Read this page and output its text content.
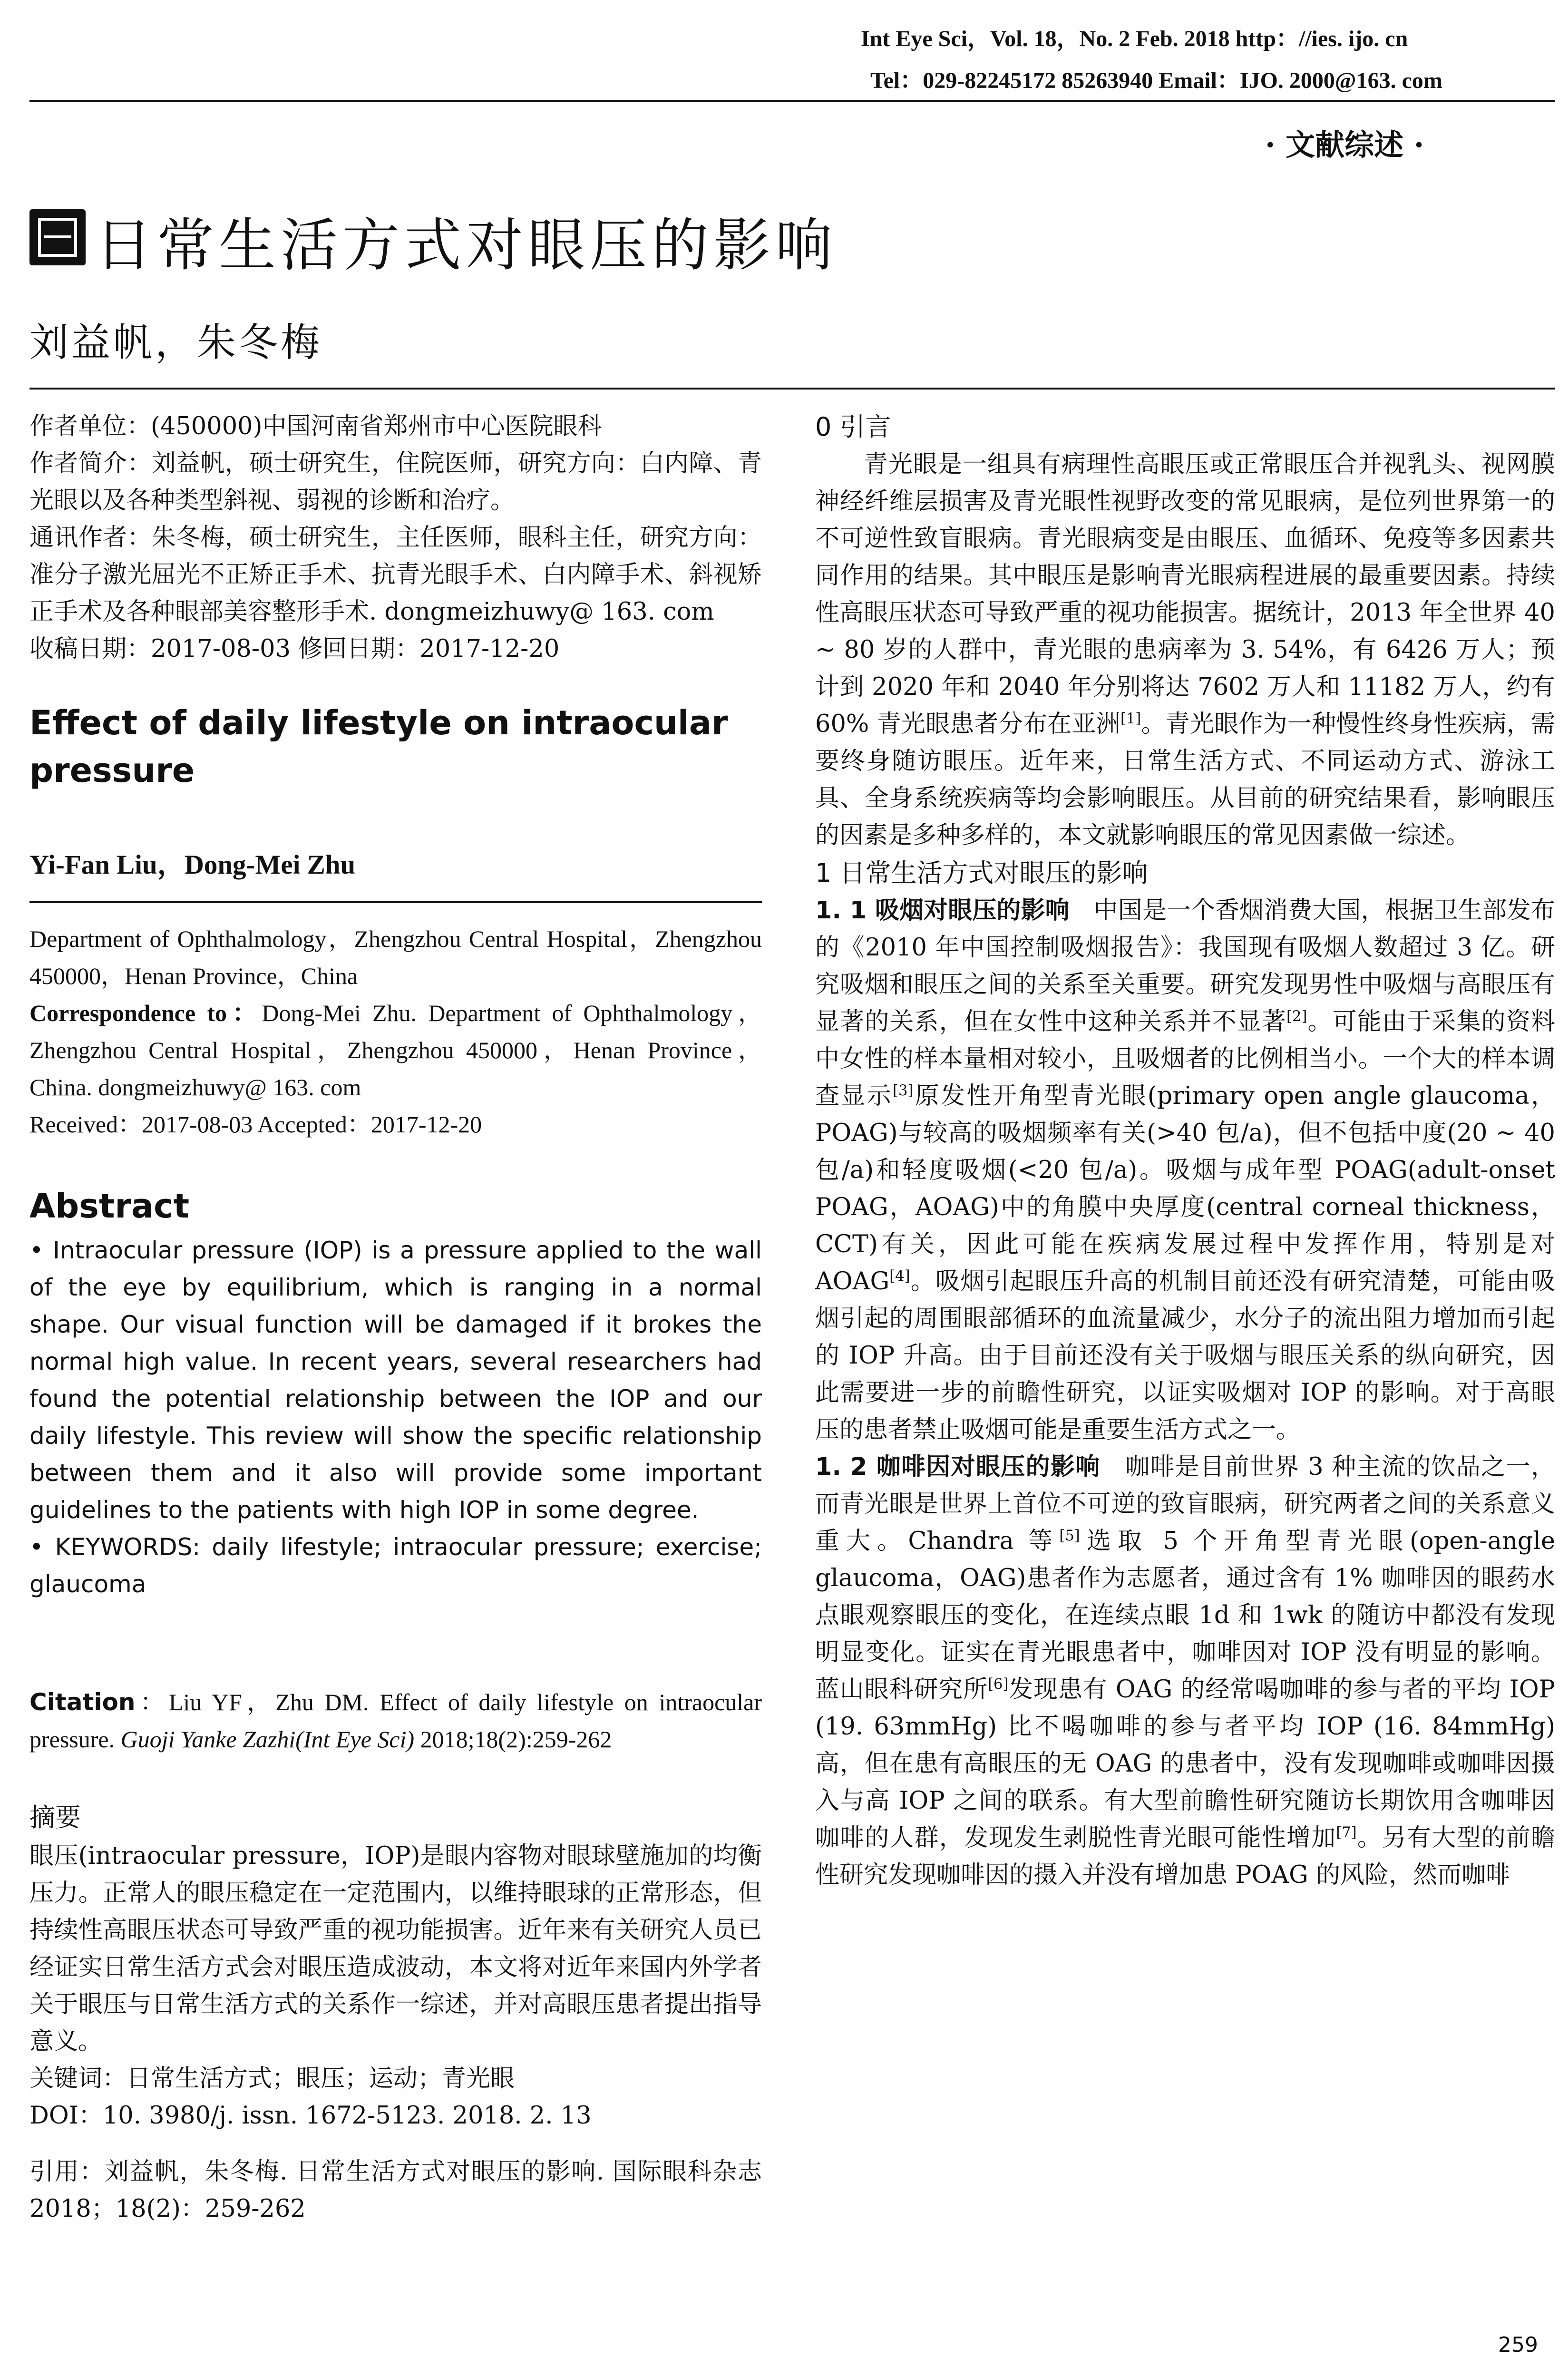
Int Eye Sci，Vol. 18，No. 2 Feb. 2018 http：//ies. ijo. cn
Tel：029-82245172 85263940 Email：IJO. 2000@163. com
· 文献综述 ·
日常生活方式对眼压的影响
刘益帆，朱冬梅
作者单位：(450000)中国河南省郑州市中心医院眼科
作者简介：刘益帆，硕士研究生，住院医师，研究方向：白内障、青光眼以及各种类型斜视、弱视的诊断和治疗。
通讯作者：朱冬梅，硕士研究生，主任医师，眼科主任，研究方向：准分子激光屈光不正矫正手术、抗青光眼手术、白内障手术、斜视矫正手术及各种眼部美容整形手术. dongmeizhuwy@ 163. com
收稿日期：2017-08-03 修回日期：2017-12-20
Effect of daily lifestyle on intraocular pressure
Yi-Fan Liu，Dong-Mei Zhu
Department of Ophthalmology，Zhengzhou Central Hospital，Zhengzhou 450000，Henan Province，China
Correspondence to：Dong-Mei Zhu. Department of Ophthalmology，Zhengzhou Central Hospital，Zhengzhou 450000，Henan Province，China. dongmeizhuwy@ 163. com
Received：2017-08-03 Accepted：2017-12-20
Abstract
• Intraocular pressure (IOP) is a pressure applied to the wall of the eye by equilibrium, which is ranging in a normal shape. Our visual function will be damaged if it brokes the normal high value. In recent years, several researchers had found the potential relationship between the IOP and our daily lifestyle. This review will show the specific relationship between them and it also will provide some important guidelines to the patients with high IOP in some degree.
• KEYWORDS: daily lifestyle; intraocular pressure; exercise; glaucoma
Citation：Liu YF，Zhu DM. Effect of daily lifestyle on intraocular pressure. Guoji Yanke Zazhi(Int Eye Sci) 2018;18(2):259-262
摘要
眼压(intraocular pressure，IOP)是眼内容物对眼球壁施加的均衡压力。正常人的眼压稳定在一定范围内，以维持眼球的正常形态，但持续性高眼压状态可导致严重的视功能损害。近年来有关研究人员已经证实日常生活方式会对眼压造成波动，本文将对近年来国内外学者关于眼压与日常生活方式的关系作一综述，并对高眼压患者提出指导意义。
关键词：日常生活方式；眼压；运动；青光眼
DOI：10. 3980/j. issn. 1672-5123. 2018. 2. 13
引用：刘益帆，朱冬梅. 日常生活方式对眼压的影响. 国际眼科杂志 2018；18(2)：259-262
0 引言

青光眼是一组具有病理性高眼压或正常眼压合并视乳头、视网膜神经纤维层损害及青光眼性视野改变的常见眼病，是位列世界第一的不可逆性致盲眼病。青光眼病变是由眼压、血循环、免疫等多因素共同作用的结果。其中眼压是影响青光眼病程进展的最重要因素。持续性高眼压状态可导致严重的视功能损害。据统计，2013 年全世界 40 ~ 80 岁的人群中，青光眼的患病率为 3. 54%，有 6426 万人；预计到 2020 年和 2040 年分别将达 7602 万人和 11182 万人，约有 60% 青光眼患者分布在亚洲[1]。青光眼作为一种慢性终身性疾病，需要终身随访眼压。近年来，日常生活方式、不同运动方式、游泳工具、全身系统疾病等均会影响眼压。从目前的研究结果看，影响眼压的因素是多种多样的，本文就影响眼压的常见因素做一综述。

1 日常生活方式对眼压的影响

1. 1 吸烟对眼压的影响　 中国是一个香烟消费大国，根据卫生部发布的《2010 年中国控制吸烟报告》：我国现有吸烟人数超过 3 亿。研究吸烟和眼压之间的关系至关重要。研究发现男性中吸烟与高眼压有显著的关系，但在女性中这种关系并不显著[2]。可能由于采集的资料中女性的样本量相对较小，且吸烟者的比例相当小。一个大的样本调查显示[3]原发性开角型青光眼(primary open angle glaucoma，POAG)与较高的吸烟频率有关(>40 包/a)，但不包括中度(20 ~ 40 包/a)和轻度吸烟(<20 包/a)。吸烟与成年型 POAG(adult-onset POAG，AOAG)中的角膜中央厚度(central corneal thickness，CCT)有关，因此可能在疾病发展过程中发挥作用，特别是对 AOAG[4]。吸烟引起眼压升高的机制目前还没有研究清楚，可能由吸烟引起的周围眼部循环的血流量减少，水分子的流出阻力增加而引起的 IOP 升高。由于目前还没有关于吸烟与眼压关系的纵向研究，因此需要进一步的前瞻性研究，以证实吸烟对 IOP 的影响。对于高眼压的患者禁止吸烟可能是重要生活方式之一。

1. 2 咖啡因对眼压的影响　 咖啡是目前世界 3 种主流的饮品之一，而青光眼是世界上首位不可逆的致盲眼病，研究两者之间的关系意义重大。Chandra 等[5]选取 5 个开角型青光眼(open-angle glaucoma，OAG)患者作为志愿者，通过含有 1% 咖啡因的眼药水点眼观察眼压的变化，在连续点眼 1d 和 1wk 的随访中都没有发现明显变化。证实在青光眼患者中，咖啡因对 IOP 没有明显的影响。蓝山眼科研究所[6]发现患有 OAG 的经常喝咖啡的参与者的平均 IOP (19. 63mmHg) 比不喝咖啡的参与者平均 IOP (16. 84mmHg)高，但在患有高眼压的无 OAG 的患者中，没有发现咖啡或咖啡因摄入与高 IOP 之间的联系。有大型前瞻性研究随访长期饮用含咖啡因咖啡的人群，发现发生剥脱性青光眼可能性增加[7]。另有大型的前瞻性研究发现咖啡因的摄入并没有增加患 POAG 的风险，然而咖啡

259
